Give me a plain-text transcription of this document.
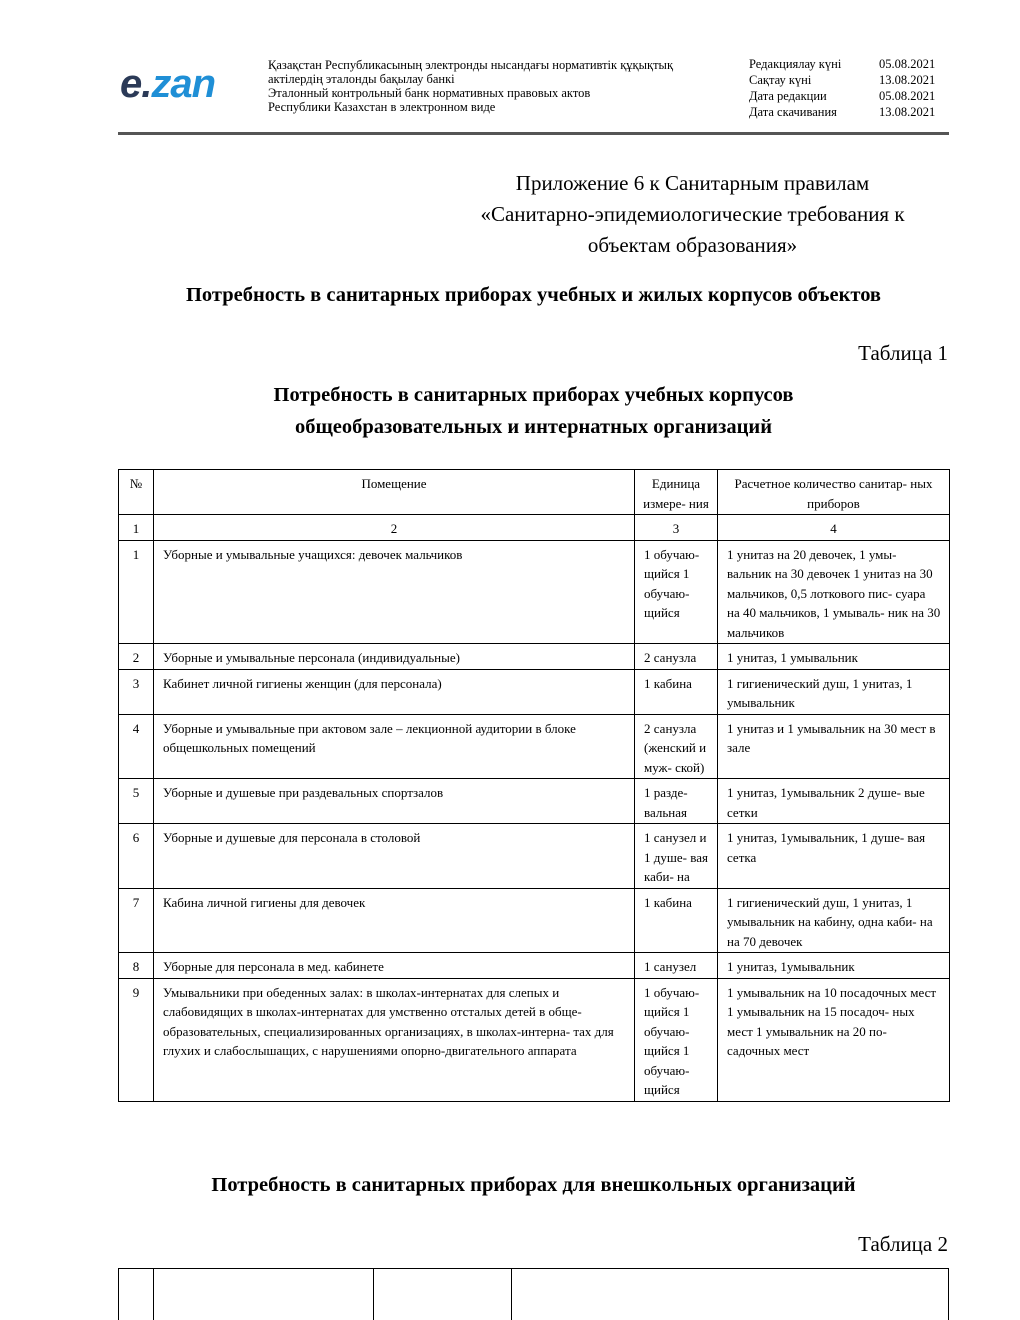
e.zan	Қазақстан Республикасының электронды нысандағы нормативтік құқықтық
актілердің эталонды бақылау банкі
Эталонный контрольный банк нормативных правовых актов
Республики Казахстан в электронном виде
Редакциялау күні	05.08.2021
Сақтау күні	13.08.2021
Дата редакции	05.08.2021
Дата скачивания	13.08.2021
Приложение 6 к Санитарным правилам
«Санитарно-эпидемиологические требования к
объектам образования»
Потребность в санитарных приборах учебных и жилых корпусов объектов
Таблица 1
Потребность в санитарных приборах учебных корпусов
общеобразовательных и интернатных организаций
№	Помещение	Единица измере- ния	Расчетное количество санитар- ных приборов
1	2	3	4
1	Уборные и умывальные учащихся: девочек мальчиков	1 обучаю- щийся 1 обучаю- щийся	1 унитаз на 20 девочек, 1 умы- вальник на 30 девочек 1 унитаз на 30 мальчиков, 0,5 лоткового пис- суара на 40 мальчиков, 1 умываль- ник на 30 мальчиков
2	Уборные и умывальные персонала (индивидуальные)	2 санузла	1 унитаз, 1 умывальник
3	Кабинет личной гигиены женщин (для персонала)	1 кабина	1 гигиенический душ, 1 унитаз, 1 умывальник
4	Уборные и умывальные при актовом зале – лекционной аудитории в блоке общешкольных помещений	2 санузла (женский и муж- ской)	1 унитаз и 1 умывальник на 30 мест в зале
5	Уборные и душевые при раздевальных спортзалов	1 разде- вальная	1 унитаз, 1умывальник 2 душе- вые сетки
6	Уборные и душевые для персонала в столовой	1 санузел и 1 душе- вая каби- на	1 унитаз, 1умывальник, 1 душе- вая сетка
7	Кабина личной гигиены для девочек	1 кабина	1 гигиенический душ, 1 унитаз, 1 умывальник на кабину, одна каби- на на 70 девочек
8	Уборные для персонала в мед. кабинете	1 санузел	1 унитаз, 1умывальник
9	Умывальники при обеденных залах: в школах-интернатах для слепых и слабовидящих в школах-интернатах для умственно отсталых детей в обще- образовательных, специализированных организациях, в школах-интерна- тах для глухих и слабослышащих, с нарушениями опорно-двигательного аппарата	1 обучаю- щийся 1 обучаю- щийся 1 обучаю- щийся	1 умывальник на 10 посадочных мест 1 умывальник на 15 посадоч- ных мест 1 умывальник на 20 по- садочных мест
Потребность в санитарных приборах для внешкольных организаций
Таблица 2
